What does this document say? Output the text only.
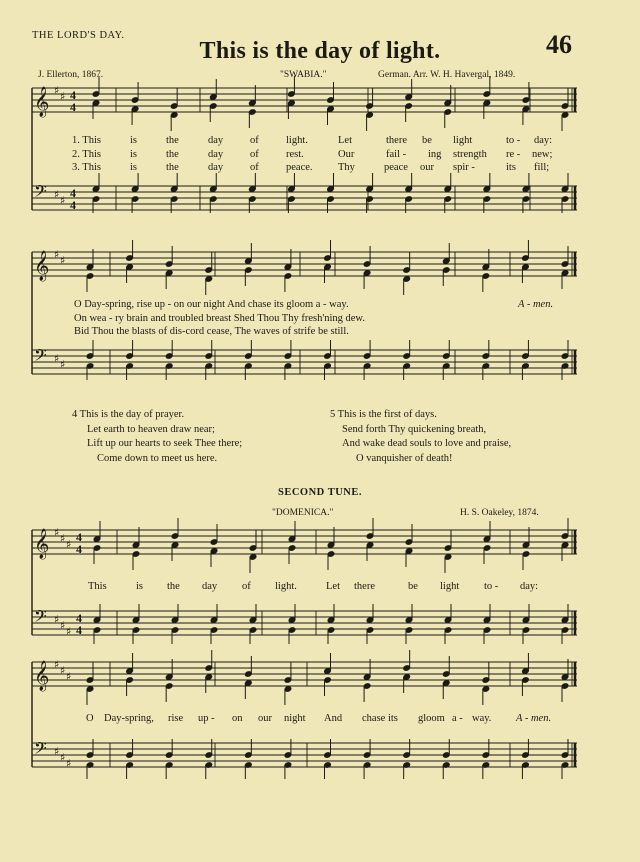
THE LORD'S DAY.
This is the day of light.	46
J. Ellerton, 1867.	"SWABIA."	German. Arr. W. H. Havergal, 1849.
𝄞
𝄢
♯
♯
♯
♯
4
4
4
4
𝄞
𝄢
♯
♯
♯
♯
𝄞
𝄢
♯
♯
♯
♯
♯
♯
4
4
4
4
𝄞
𝄢
♯
♯
♯
♯
♯
♯
1. This	is	the	day	of	light.	Let	there be light	to - day:
2. This	is	the	day	of	rest.	Our	fail - ing strength re - new;
3. This	is	the	day	of	peace. Thy	peace our spir -	its fill;
O Day-spring, rise up - on our night And chase its gloom a - way.
On wea - ry brain and troubled breast Shed Thou Thy fresh'ning dew.
Bid Thou the blasts of dis-cord cease, The waves of strife be still.
A - men.
4 This is the day of prayer.
Let earth to heaven draw near;
Lift up our hearts to seek Thee there;
Come down to meet us here.
5 This is the first of days.
Send forth Thy quickening breath,
And wake dead souls to love and praise,
O vanquisher of death!
SECOND TUNE.
"DOMENICA."	H. S. Oakeley, 1874.
This	is the day of light.	Let there	be light to - day:
O Day-spring, rise up - on our night And chase its gloom a - way. A - men.
